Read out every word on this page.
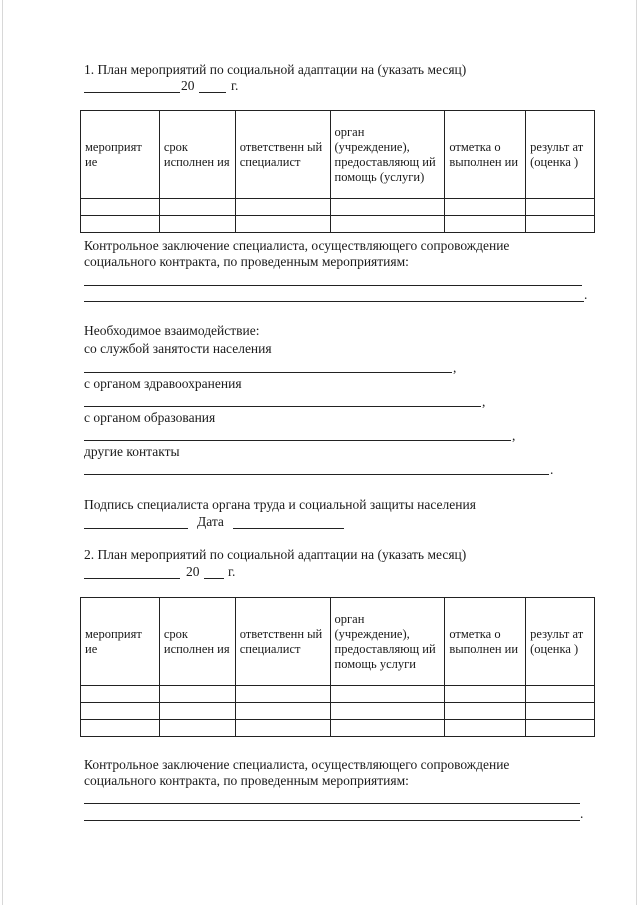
1. План мероприятий по социальной адаптации на (указать месяц)
20	г.
мероприят ие	срок исполнен ия	ответственн ый специалист	орган (учреждение), предоставляющ ий помощь (услуги)	отметка о выполнен ии	результ ат (оценка )

Контрольное заключение специалиста, осуществляющего сопровождение социального контракта, по проведенным мероприятиям:
.
Необходимое взаимодействие:
со службой занятости населения
,
с органом здравоохранения
,
с органом образования
,
другие контакты
.
Подпись специалиста органа труда и социальной защиты населения
Дата
2. План мероприятий по социальной адаптации на (указать месяц)
20 г.
мероприят ие	срок исполнен ия	ответственн ый специалист	орган (учреждение), предоставляющ ий помощь услуги	отметка о выполнен ии	результ ат (оценка )

Контрольное заключение специалиста, осуществляющего сопровождение социального контракта, по проведенным мероприятиям:
.
